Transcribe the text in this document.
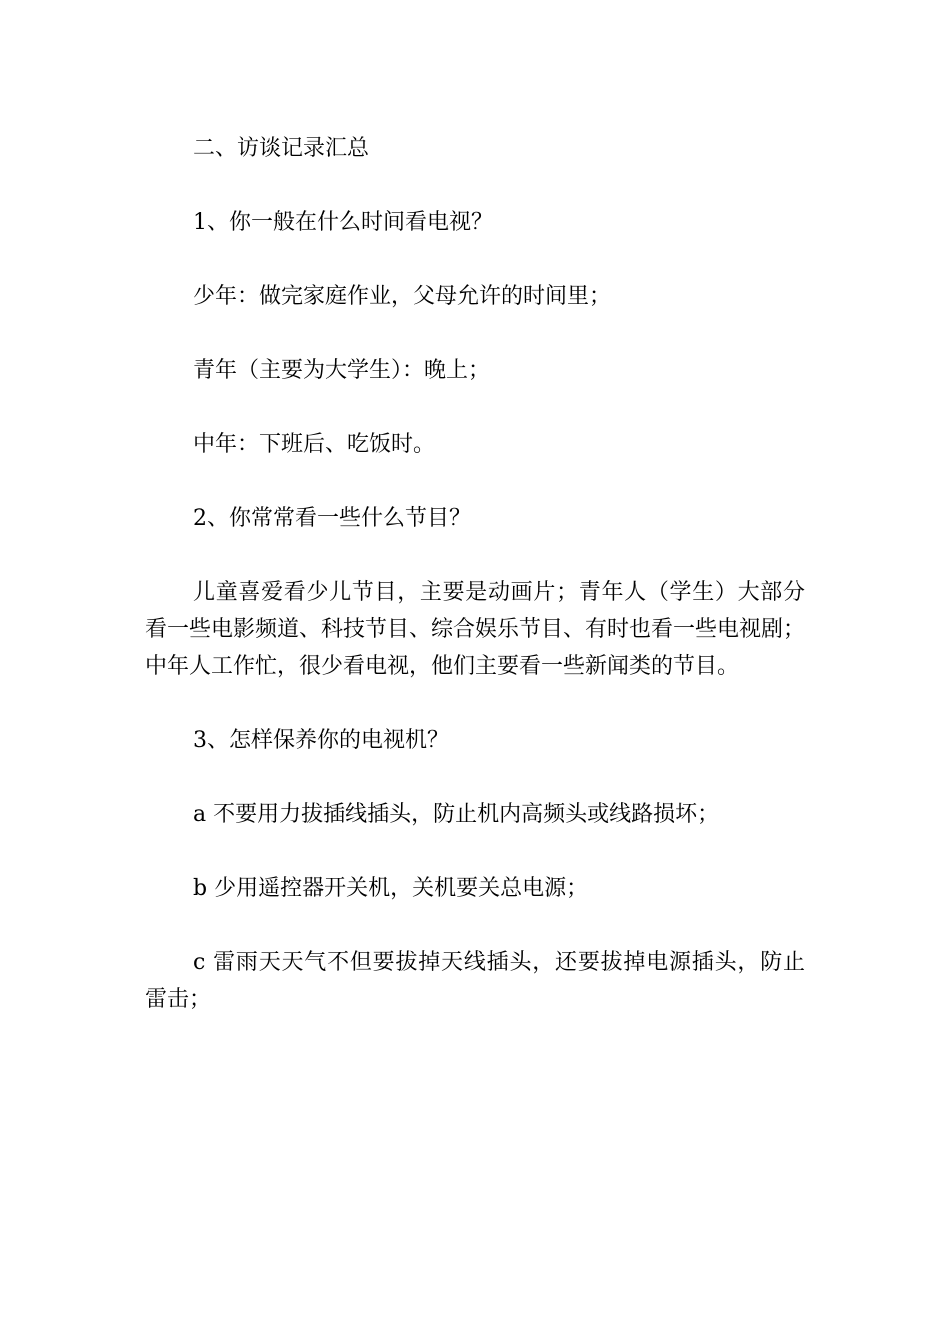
二、访谈记录汇总

1、你一般在什么时间看电视？

少年：做完家庭作业，父母允许的时间里；

青年（主要为大学生）：晚上；

中年：下班后、吃饭时。

2、你常常看一些什么节目？

儿童喜爱看少儿节目，主要是动画片；青年人（学生）大部分看一些电影频道、科技节目、综合娱乐节目、有时也看一些电视剧；中年人工作忙，很少看电视，他们主要看一些新闻类的节目。

3、怎样保养你的电视机？

a 不要用力拔插线插头，防止机内高频头或线路损坏；

b 少用遥控器开关机，关机要关总电源；

c 雷雨天天气不但要拔掉天线插头，还要拔掉电源插头，防止雷击；
